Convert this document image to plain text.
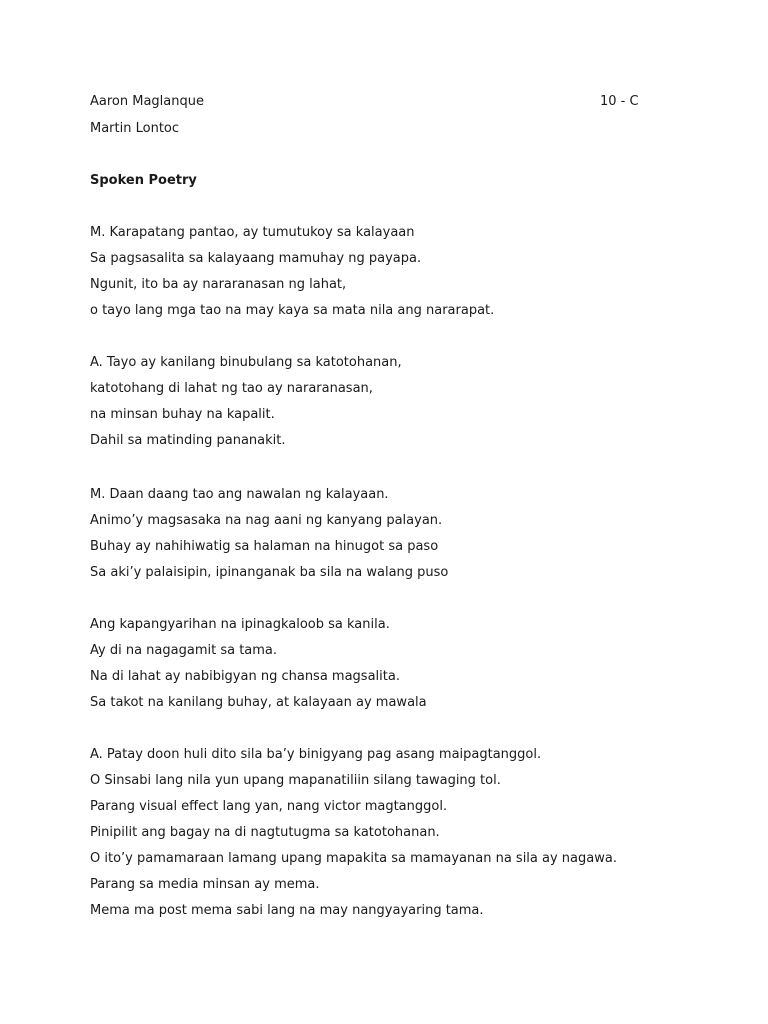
Aaron Maglanque	10 - C
Martin Lontoc
Spoken Poetry
M. Karapatang pantao, ay tumutukoy sa kalayaan
Sa pagsasalita sa kalayaang mamuhay ng payapa.
Ngunit, ito ba ay nararanasan ng lahat,
o tayo lang mga tao na may kaya sa mata nila ang nararapat.
A. Tayo ay kanilang binubulang sa katotohanan,
katotohang di lahat ng tao ay nararanasan,
na minsan buhay na kapalit.
Dahil sa matinding pananakit.
M. Daan daang tao ang nawalan ng kalayaan.
Animo’y magsasaka na nag aani ng kanyang palayan.
Buhay ay nahihiwatig sa halaman na hinugot sa paso
Sa aki’y palaisipin, ipinanganak ba sila na walang puso
Ang kapangyarihan na ipinagkaloob sa kanila.
Ay di na nagagamit sa tama.
Na di lahat ay nabibigyan ng chansa magsalita.
Sa takot na kanilang buhay, at kalayaan ay mawala
A. Patay doon huli dito sila ba’y binigyang pag asang maipagtanggol.
O Sinsabi lang nila yun upang mapanatiliin silang tawaging tol.
Parang visual effect lang yan, nang victor magtanggol.
Pinipilit ang bagay na di nagtutugma sa katotohanan.
O ito’y pamamaraan lamang upang mapakita sa mamayanan na sila ay nagawa.
Parang sa media minsan ay mema.
Mema ma post mema sabi lang na may nangyayaring tama.
